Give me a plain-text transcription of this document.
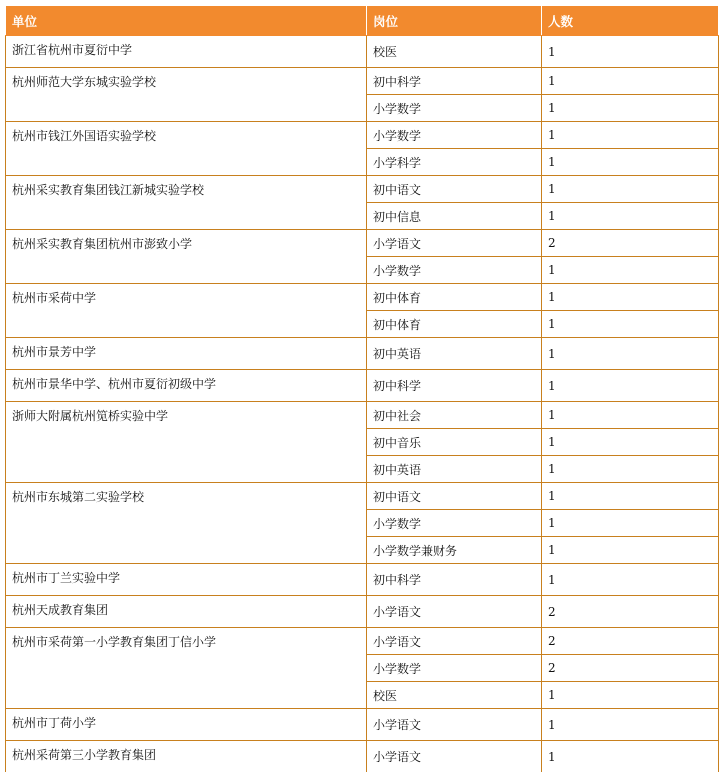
单位	岗位	人数
浙江省杭州市夏衍中学	校医	1
杭州师范大学东城实验学校	初中科学	1
	小学数学	1
杭州市钱江外国语实验学校	小学数学	1
	小学科学	1
杭州采实教育集团钱江新城实验学校	初中语文	1
	初中信息	1
杭州采实教育集团杭州市澎致小学	小学语文	2
	小学数学	1
杭州市采荷中学	初中体育	1
	初中体育	1
杭州市景芳中学	初中英语	1
杭州市景华中学、杭州市夏衍初级中学	初中科学	1
浙师大附属杭州笕桥实验中学	初中社会	1
	初中音乐	1
	初中英语	1
杭州市东城第二实验学校	初中语文	1
	小学数学	1
	小学数学兼财务	1
杭州市丁兰实验中学	初中科学	1
杭州天成教育集团	小学语文	2
杭州市采荷第一小学教育集团丁信小学	小学语文	2
	小学数学	2
	校医	1
杭州市丁荷小学	小学语文	1
杭州采荷第三小学教育集团	小学语文	1
